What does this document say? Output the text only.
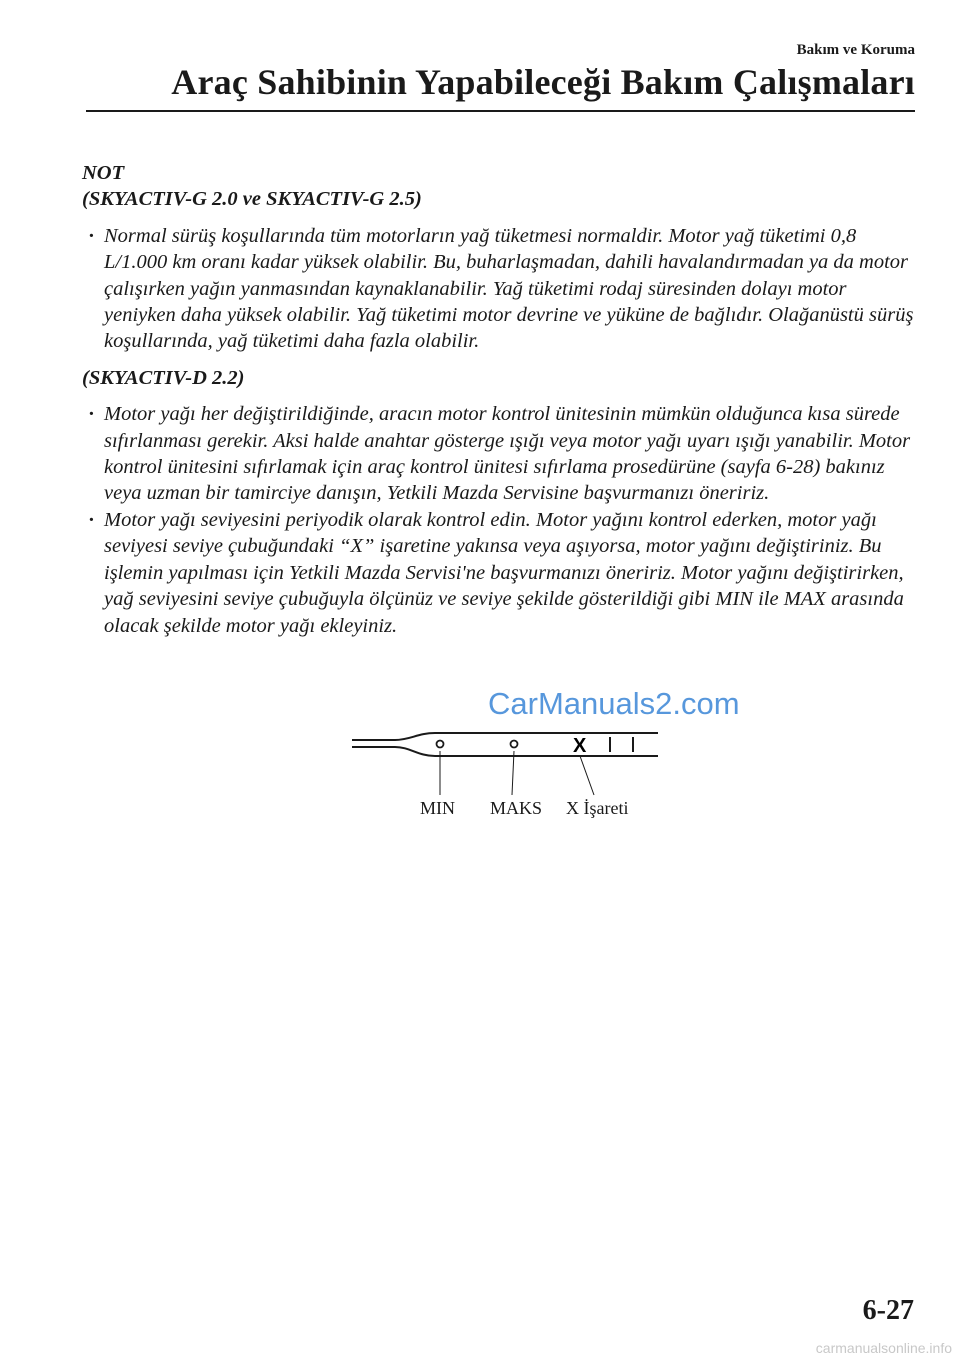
Bakım ve Koruma

Araç Sahibinin Yapabileceği Bakım Çalışmaları

NOT

(SKYACTIV-G 2.0 ve SKYACTIV-G 2.5)

· Normal sürüş koşullarında tüm motorların yağ tüketmesi normaldir. Motor yağ tüketimi 0,8 L/1.000 km oranı kadar yüksek olabilir. Bu, buharlaşmadan, dahili havalandırmadan ya da motor çalışırken yağın yanmasından kaynaklanabilir. Yağ tüketimi rodaj süresinden dolayı motor yeniyken daha yüksek olabilir. Yağ tüketimi motor devrine ve yüküne de bağlıdır. Olağanüstü sürüş koşullarında, yağ tüketimi daha fazla olabilir.

(SKYACTIV-D 2.2)

· Motor yağı her değiştirildiğinde, aracın motor kontrol ünitesinin mümkün olduğunca kısa sürede sıfırlanması gerekir. Aksi halde anahtar gösterge ışığı veya motor yağı uyarı ışığı yanabilir. Motor kontrol ünitesini sıfırlamak için araç kontrol ünitesi sıfırlama prosedürüne (sayfa 6-28) bakınız veya uzman bir tamirciye danışın, Yetkili Mazda Servisine başvurmanızı öneririz.
· Motor yağı seviyesini periyodik olarak kontrol edin. Motor yağını kontrol ederken, motor yağı seviyesi seviye çubuğundaki “X” işaretine yakınsa veya aşıyorsa, motor yağını değiştiriniz. Bu işlemin yapılması için Yetkili Mazda Servisi'ne başvurmanızı öneririz. Motor yağını değiştirirken, yağ seviyesini seviye çubuğuyla ölçünüz ve seviye şekilde gösterildiği gibi MIN ile MAX arasında olacak şekilde motor yağı ekleyiniz.
X
MIN MAKS X İşareti
CarManuals2.com
6-27
carmanualsonline.info
